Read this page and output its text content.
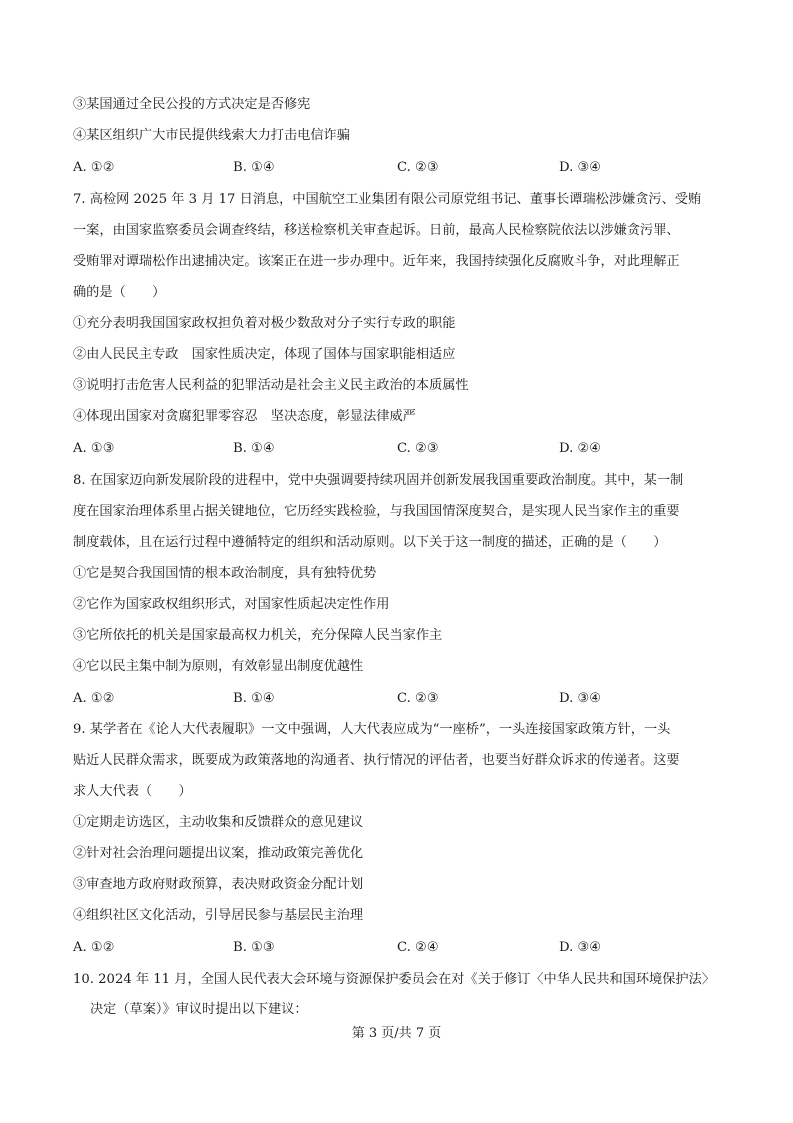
③某国通过全民公投的方式决定是否修宪
④某区组织广大市民提供线索大力打击电信诈骗
A. ①②	B. ①④	C. ②③	D. ③④
7. 高检网 2025 年 3 月 17 日消息，中国航空工业集团有限公司原党组书记、董事长谭瑞松涉嫌贪污、受贿
一案，由国家监察委员会调查终结，移送检察机关审查起诉。日前，最高人民检察院依法以涉嫌贪污罪、
受贿罪对谭瑞松作出逮捕决定。该案正在进一步办理中。近年来，我国持续强化反腐败斗争，对此理解正
确的是（　　）
①充分表明我国国家政权担负着对极少数敌对分子实行专政的职能
②由人民民主专政　国家性质决定，体现了国体与国家职能相适应
③说明打击危害人民利益的犯罪活动是社会主义民主政治的本质属性
④体现出国家对贪腐犯罪零容忍　坚决态度，彰显法律威严
A. ①③	B. ①④	C. ②③	D. ②④
8. 在国家迈向新发展阶段的进程中，党中央强调要持续巩固并创新发展我国重要政治制度。其中，某一制
度在国家治理体系里占据关键地位，它历经实践检验，与我国国情深度契合，是实现人民当家作主的重要
制度载体，且在运行过程中遵循特定的组织和活动原则。以下关于这一制度的描述，正确的是（　　）
①它是契合我国国情的根本政治制度，具有独特优势
②它作为国家政权组织形式，对国家性质起决定性作用
③它所依托的机关是国家最高权力机关，充分保障人民当家作主
④它以民主集中制为原则，有效彰显出制度优越性
A. ①②	B. ①④	C. ②③	D. ③④
9. 某学者在《论人大代表履职》一文中强调，人大代表应成为“一座桥”，一头连接国家政策方针，一头
贴近人民群众需求，既要成为政策落地的沟通者、执行情况的评估者，也要当好群众诉求的传递者。这要
求人大代表（　　）
①定期走访选区，主动收集和反馈群众的意见建议
②针对社会治理问题提出议案，推动政策完善优化
③审查地方政府财政预算，表决财政资金分配计划
④组织社区文化活动，引导居民参与基层民主治理
A. ①②	B. ①③	C. ②④	D. ③④
10. 2024 年 11 月，全国人民代表大会环境与资源保护委员会在对《关于修订〈中华人民共和国环境保护法〉
决定（草案）》审议时提出以下建议：
第 3 页/共 7 页
